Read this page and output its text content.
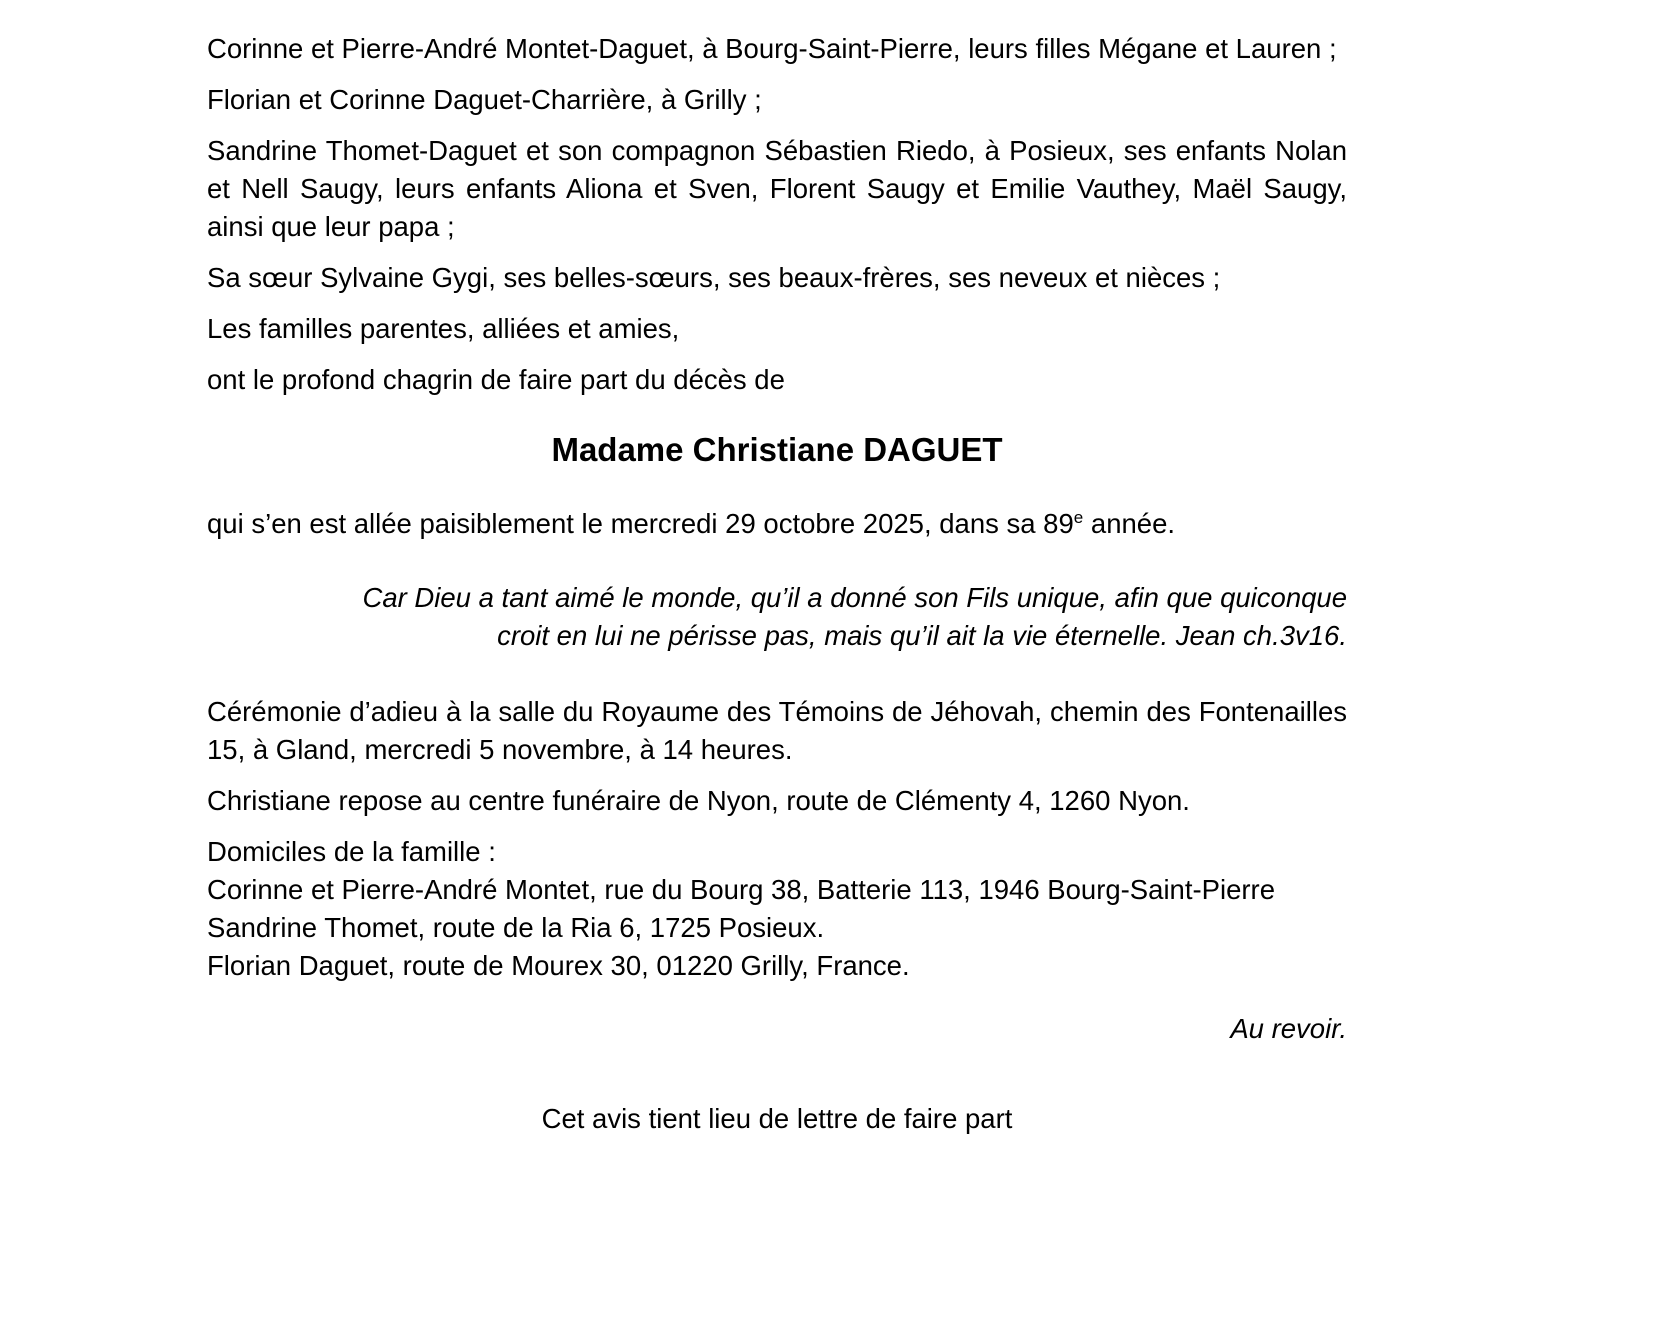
Corinne et Pierre-André Montet-Daguet, à Bourg-Saint-Pierre, leurs filles Mégane et Lauren ;

Florian et Corinne Daguet-Charrière, à Grilly ;

Sandrine Thomet-Daguet et son compagnon Sébastien Riedo, à Posieux, ses enfants Nolan et Nell Saugy, leurs enfants Aliona et Sven, Florent Saugy et Emilie Vauthey, Maël Saugy, ainsi que leur papa ;

Sa sœur Sylvaine Gygi, ses belles-sœurs, ses beaux-frères, ses neveux et nièces ;

Les familles parentes, alliées et amies,

ont le profond chagrin de faire part du décès de

Madame Christiane DAGUET

qui s’en est allée paisiblement le mercredi 29 octobre 2025, dans sa 89e année.

Car Dieu a tant aimé le monde, qu’il a donné son Fils unique, afin que quiconque
croit en lui ne périsse pas, mais qu’il ait la vie éternelle. Jean ch.3v16.

Cérémonie d’adieu à la salle du Royaume des Témoins de Jéhovah, chemin des Fontenailles 15, à Gland, mercredi 5 novembre, à 14 heures.

Christiane repose au centre funéraire de Nyon, route de Clémenty 4, 1260 Nyon.

Domiciles de la famille :
Corinne et Pierre-André Montet, rue du Bourg 38, Batterie 113, 1946 Bourg-Saint-Pierre
Sandrine Thomet, route de la Ria 6, 1725 Posieux.
Florian Daguet, route de Mourex 30, 01220 Grilly, France.

Au revoir.

Cet avis tient lieu de lettre de faire part
